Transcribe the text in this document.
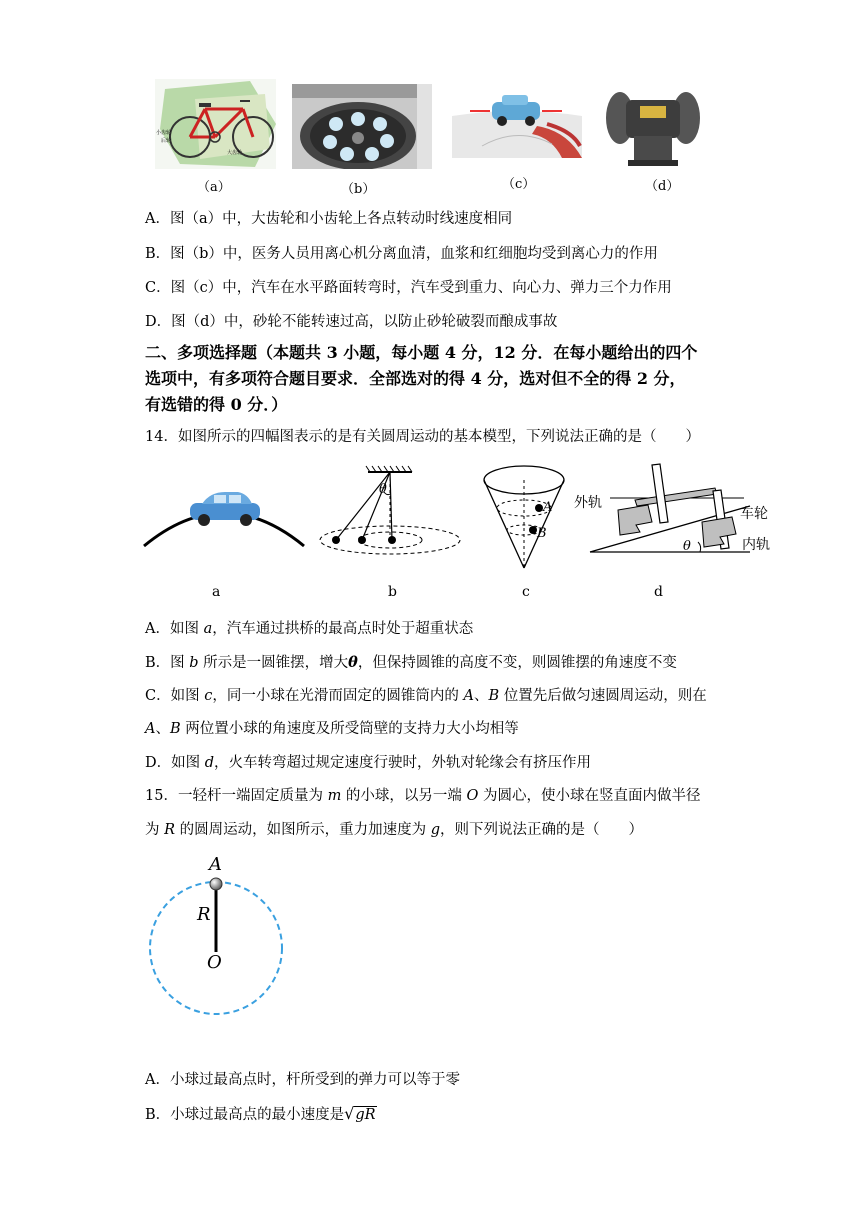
小齿轮
后轮
大齿轮
（a）	（b）	（c）	（d）
A．图（a）中，大齿轮和小齿轮上各点转动时线速度相同
B．图（b）中，医务人员用离心机分离血清，血浆和红细胞均受到离心力的作用
C．图（c）中，汽车在水平路面转弯时，汽车受到重力、向心力、弹力三个力作用
D．图（d）中，砂轮不能转速过高，以防止砂轮破裂而酿成事故
二、多项选择题（本题共 3 小题，每小题 4 分，12 分．在每小题给出的四个
选项中，有多项符合题目要求．全部选对的得 4 分，选对但不全的得 2 分，
有选错的得 0 分．）
14．如图所示的四幅图表示的是有关圆周运动的基本模型，下列说法正确的是（　　）
θ
A
B
外轨
车轮
内轨
θ
a	b	c	d
A．如图 a，汽车通过拱桥的最高点时处于超重状态
B．图 b 所示是一圆锥摆，增大θ，但保持圆锥的高度不变，则圆锥摆的角速度不变
C．如图 c，同一小球在光滑而固定的圆锥筒内的 A、B 位置先后做匀速圆周运动，则在
A、B 两位置小球的角速度及所受筒壁的支持力大小均相等
D．如图 d，火车转弯超过规定速度行驶时，外轨对轮缘会有挤压作用
15．一轻杆一端固定质量为 m 的小球，以另一端 O 为圆心，使小球在竖直面内做半径
为 R 的圆周运动，如图所示，重力加速度为 g，则下列说法正确的是（　　）
A
R
O
A．小球过最高点时，杆所受到的弹力可以等于零
B．小球过最高点的最小速度是√gR
